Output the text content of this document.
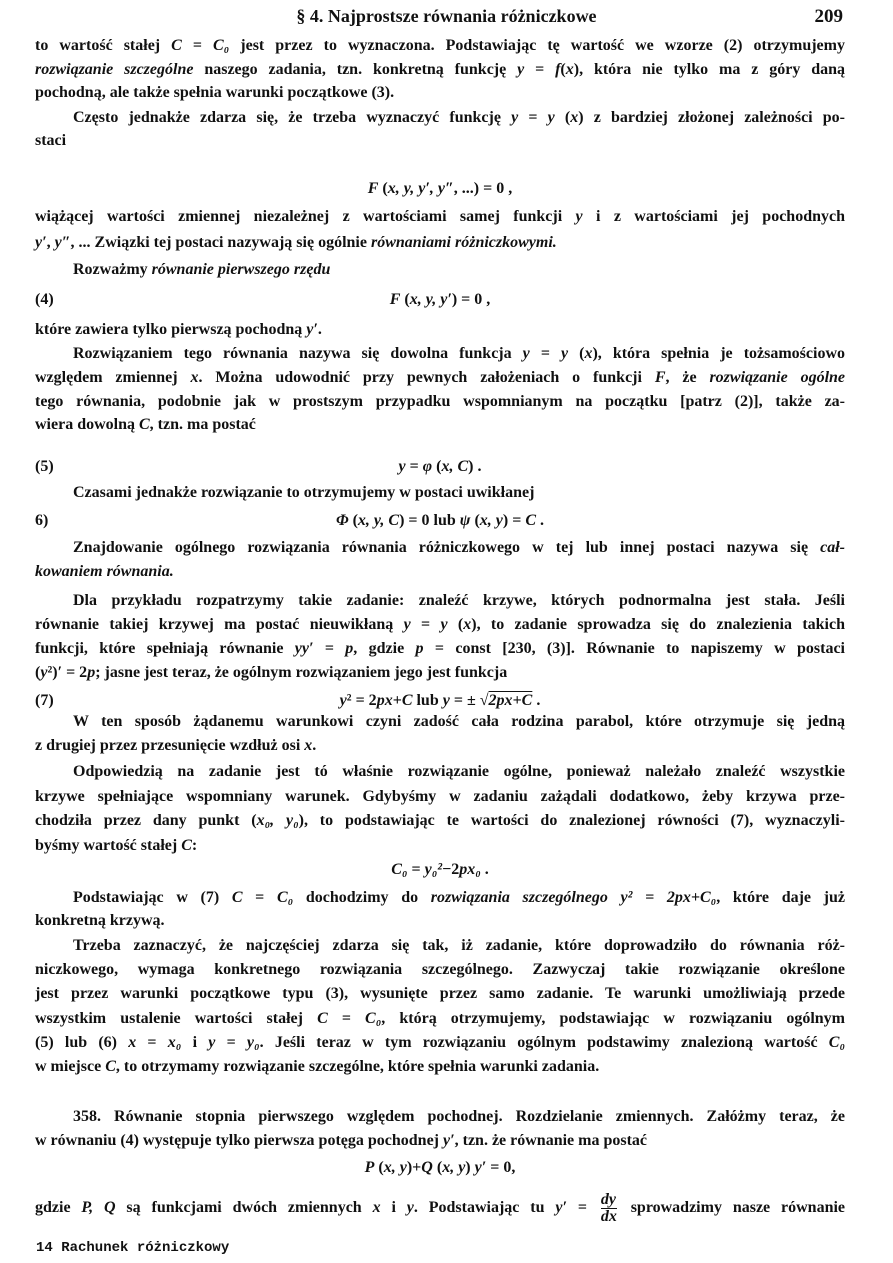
§ 4. Najprostsze równania różniczkowe	209
to wartość stałej C = C₀ jest przez to wyznaczona. Podstawiając tę wartość we wzorze (2) otrzymujemy
rozwiązanie szczególne naszego zadania, tzn. konkretną funkcję y = f(x), która nie tylko ma z góry daną
pochodną, ale także spełnia warunki początkowe (3).
Często jednakże zdarza się, że trzeba wyznaczyć funkcję y = y (x) z bardziej złożonej zależności po-
staci
F (x, y, y′, y″, ...) = 0 ,
wiążącej wartości zmiennej niezależnej z wartościami samej funkcji y i z wartościami jej pochodnych
y′, y″, ... Związki tej postaci nazywają się ogólnie równaniami różniczkowymi.
Rozważmy równanie pierwszego rzędu
(4)	F (x, y, y′) = 0 ,
które zawiera tylko pierwszą pochodną y′.
Rozwiązaniem tego równania nazywa się dowolna funkcja y = y (x), która spełnia je tożsamościowo
względem zmiennej x. Można udowodnić przy pewnych założeniach o funkcji F, że rozwiązanie ogólne
tego równania, podobnie jak w prostszym przypadku wspomnianym na początku [patrz (2)], także za-
wiera dowolną C, tzn. ma postać
(5)	y = φ (x, C) .
Czasami jednakże rozwiązanie to otrzymujemy w postaci uwikłanej
6)	Φ (x, y, C) = 0 lub ψ (x, y) = C .
Znajdowanie ogólnego rozwiązania równania różniczkowego w tej lub innej postaci nazywa się cał-
kowaniem równania.
Dla przykładu rozpatrzymy takie zadanie: znaleźć krzywe, których podnormalna jest stała. Jeśli
równanie takiej krzywej ma postać nieuwikłaną y = y (x), to zadanie sprowadza się do znalezienia takich
funkcji, które spełniają równanie yy′ = p, gdzie p = const [230, (3)]. Równanie to napiszemy w postaci
(y²)′ = 2p; jasne jest teraz, że ogólnym rozwiązaniem jego jest funkcja
(7)	y² = 2px+C lub y = ± √2px+C .
W ten sposób żądanemu warunkowi czyni zadość cała rodzina parabol, które otrzymuje się jedną
z drugiej przez przesunięcie wzdłuż osi x.
Odpowiedzią na zadanie jest tó właśnie rozwiązanie ogólne, ponieważ należało znaleźć wszystkie
krzywe spełniające wspomniany warunek. Gdybyśmy w zadaniu zażądali dodatkowo, żeby krzywa prze-
chodziła przez dany punkt (x₀, y₀), to podstawiając te wartości do znalezionej równości (7), wyznaczyli-
byśmy wartość stałej C:
C₀ = y₀²−2px₀ .
Podstawiając w (7) C = C₀ dochodzimy do rozwiązania szczególnego y² = 2px+C₀, które daje już
konkretną krzywą.
Trzeba zaznaczyć, że najczęściej zdarza się tak, iż zadanie, które doprowadziło do równania róż-
niczkowego, wymaga konkretnego rozwiązania szczególnego. Zazwyczaj takie rozwiązanie określone
jest przez warunki początkowe typu (3), wysunięte przez samo zadanie. Te warunki umożliwiają przede
wszystkim ustalenie wartości stałej C = C₀, którą otrzymujemy, podstawiając w rozwiązaniu ogólnym
(5) lub (6) x = x₀ i y = y₀. Jeśli teraz w tym rozwiązaniu ogólnym podstawimy znalezioną wartość C₀
w miejsce C, to otrzymamy rozwiązanie szczególne, które spełnia warunki zadania.
358. Równanie stopnia pierwszego względem pochodnej. Rozdzielanie zmiennych. Załóżmy teraz, że
w równaniu (4) występuje tylko pierwsza potęga pochodnej y′, tzn. że równanie ma postać
P (x, y)+Q (x, y) y′ = 0,
gdzie P, Q są funkcjami dwóch zmiennych x i y. Podstawiając tu $y' = \frac{dy}{dx}$ sprowadzimy nasze równanie
14 Rachunek różniczkowy
